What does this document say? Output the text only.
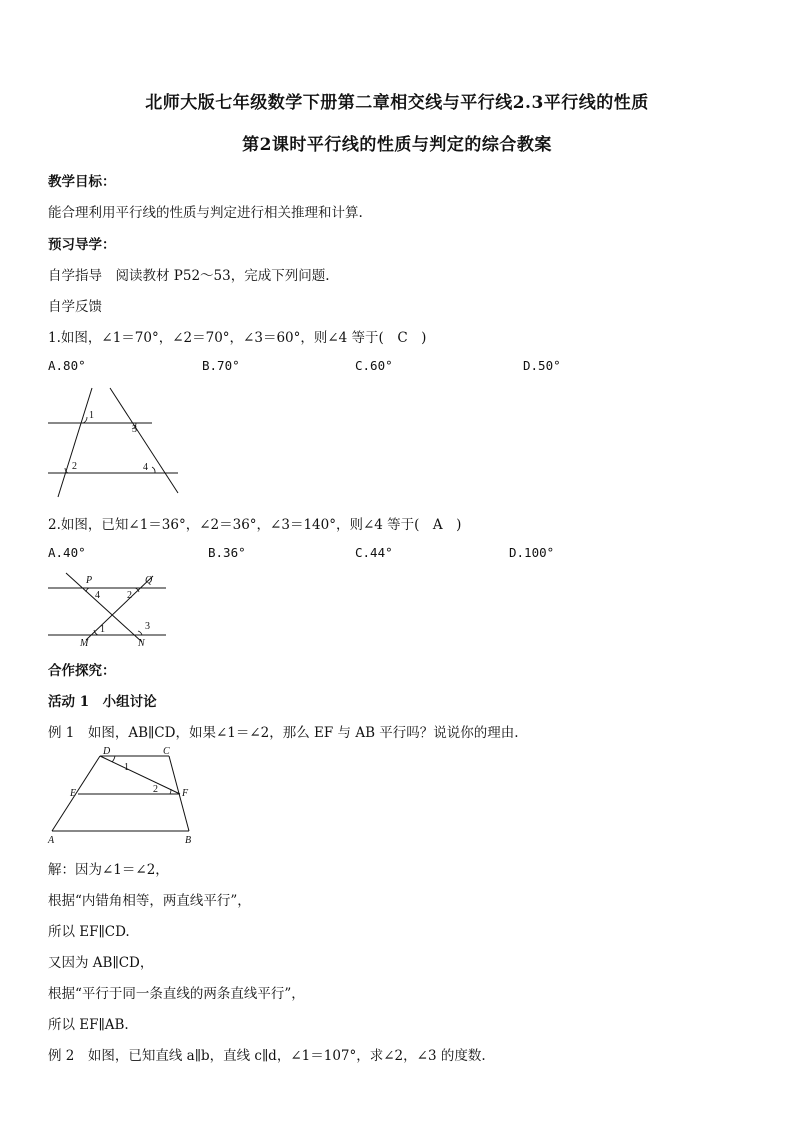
北师大版七年级数学下册第二章相交线与平行线2.3平行线的性质
第2课时平行线的性质与判定的综合教案
教学目标：
能合理利用平行线的性质与判定进行相关推理和计算.
预习导学：
自学指导　阅读教材 P52～53，完成下列问题.
自学反馈
1.如图，∠1＝70°，∠2＝70°，∠3＝60°，则∠4 等于(　C　)
A.80°	B.70°	C.60°	D.50°
1
3
2	4
2.如图，已知∠1＝36°，∠2＝36°，∠3＝140°，则∠4 等于(　A　)
A.40°	B.36°	C.44°	D.100°
P	Q
4	2
1	3
M	N
合作探究：
活动 1　小组讨论
例 1　如图，AB∥CD，如果∠1＝∠2，那么 EF 与 AB 平行吗？说说你的理由.
D	C
1
E	2 F
A	B
解：因为∠1＝∠2，
根据“内错角相等，两直线平行”，
所以 EF∥CD.
又因为 AB∥CD，
根据“平行于同一条直线的两条直线平行”，
所以 EF∥AB.
例 2　如图，已知直线 a∥b，直线 c∥d，∠1＝107°，求∠2，∠3 的度数.
